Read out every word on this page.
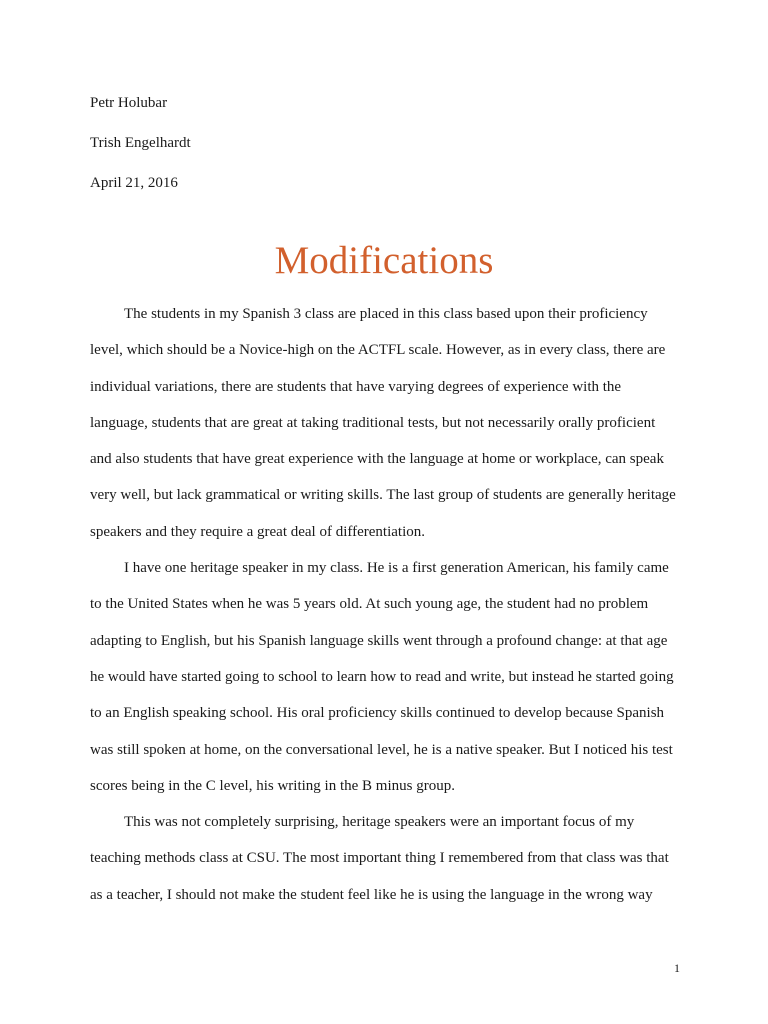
Petr Holubar
Trish Engelhardt
April 21, 2016
Modifications

The students in my Spanish 3 class are placed in this class based upon their proficiency
level, which should be a Novice-high on the ACTFL scale. However, as in every class, there are
individual variations, there are students that have varying degrees of experience with the
language, students that are great at taking traditional tests, but not necessarily orally proficient
and also students that have great experience with the language at home or workplace, can speak
very well, but lack grammatical or writing skills. The last group of students are generally heritage
speakers and they require a great deal of differentiation.

I have one heritage speaker in my class. He is a first generation American, his family came
to the United States when he was 5 years old. At such young age, the student had no problem
adapting to English, but his Spanish language skills went through a profound change: at that age
he would have started going to school to learn how to read and write, but instead he started going
to an English speaking school. His oral proficiency skills continued to develop because Spanish
was still spoken at home, on the conversational level, he is a native speaker. But I noticed his test
scores being in the C level, his writing in the B minus group.

This was not completely surprising, heritage speakers were an important focus of my
teaching methods class at CSU. The most important thing I remembered from that class was that
as a teacher, I should not make the student feel like he is using the language in the wrong way

1
